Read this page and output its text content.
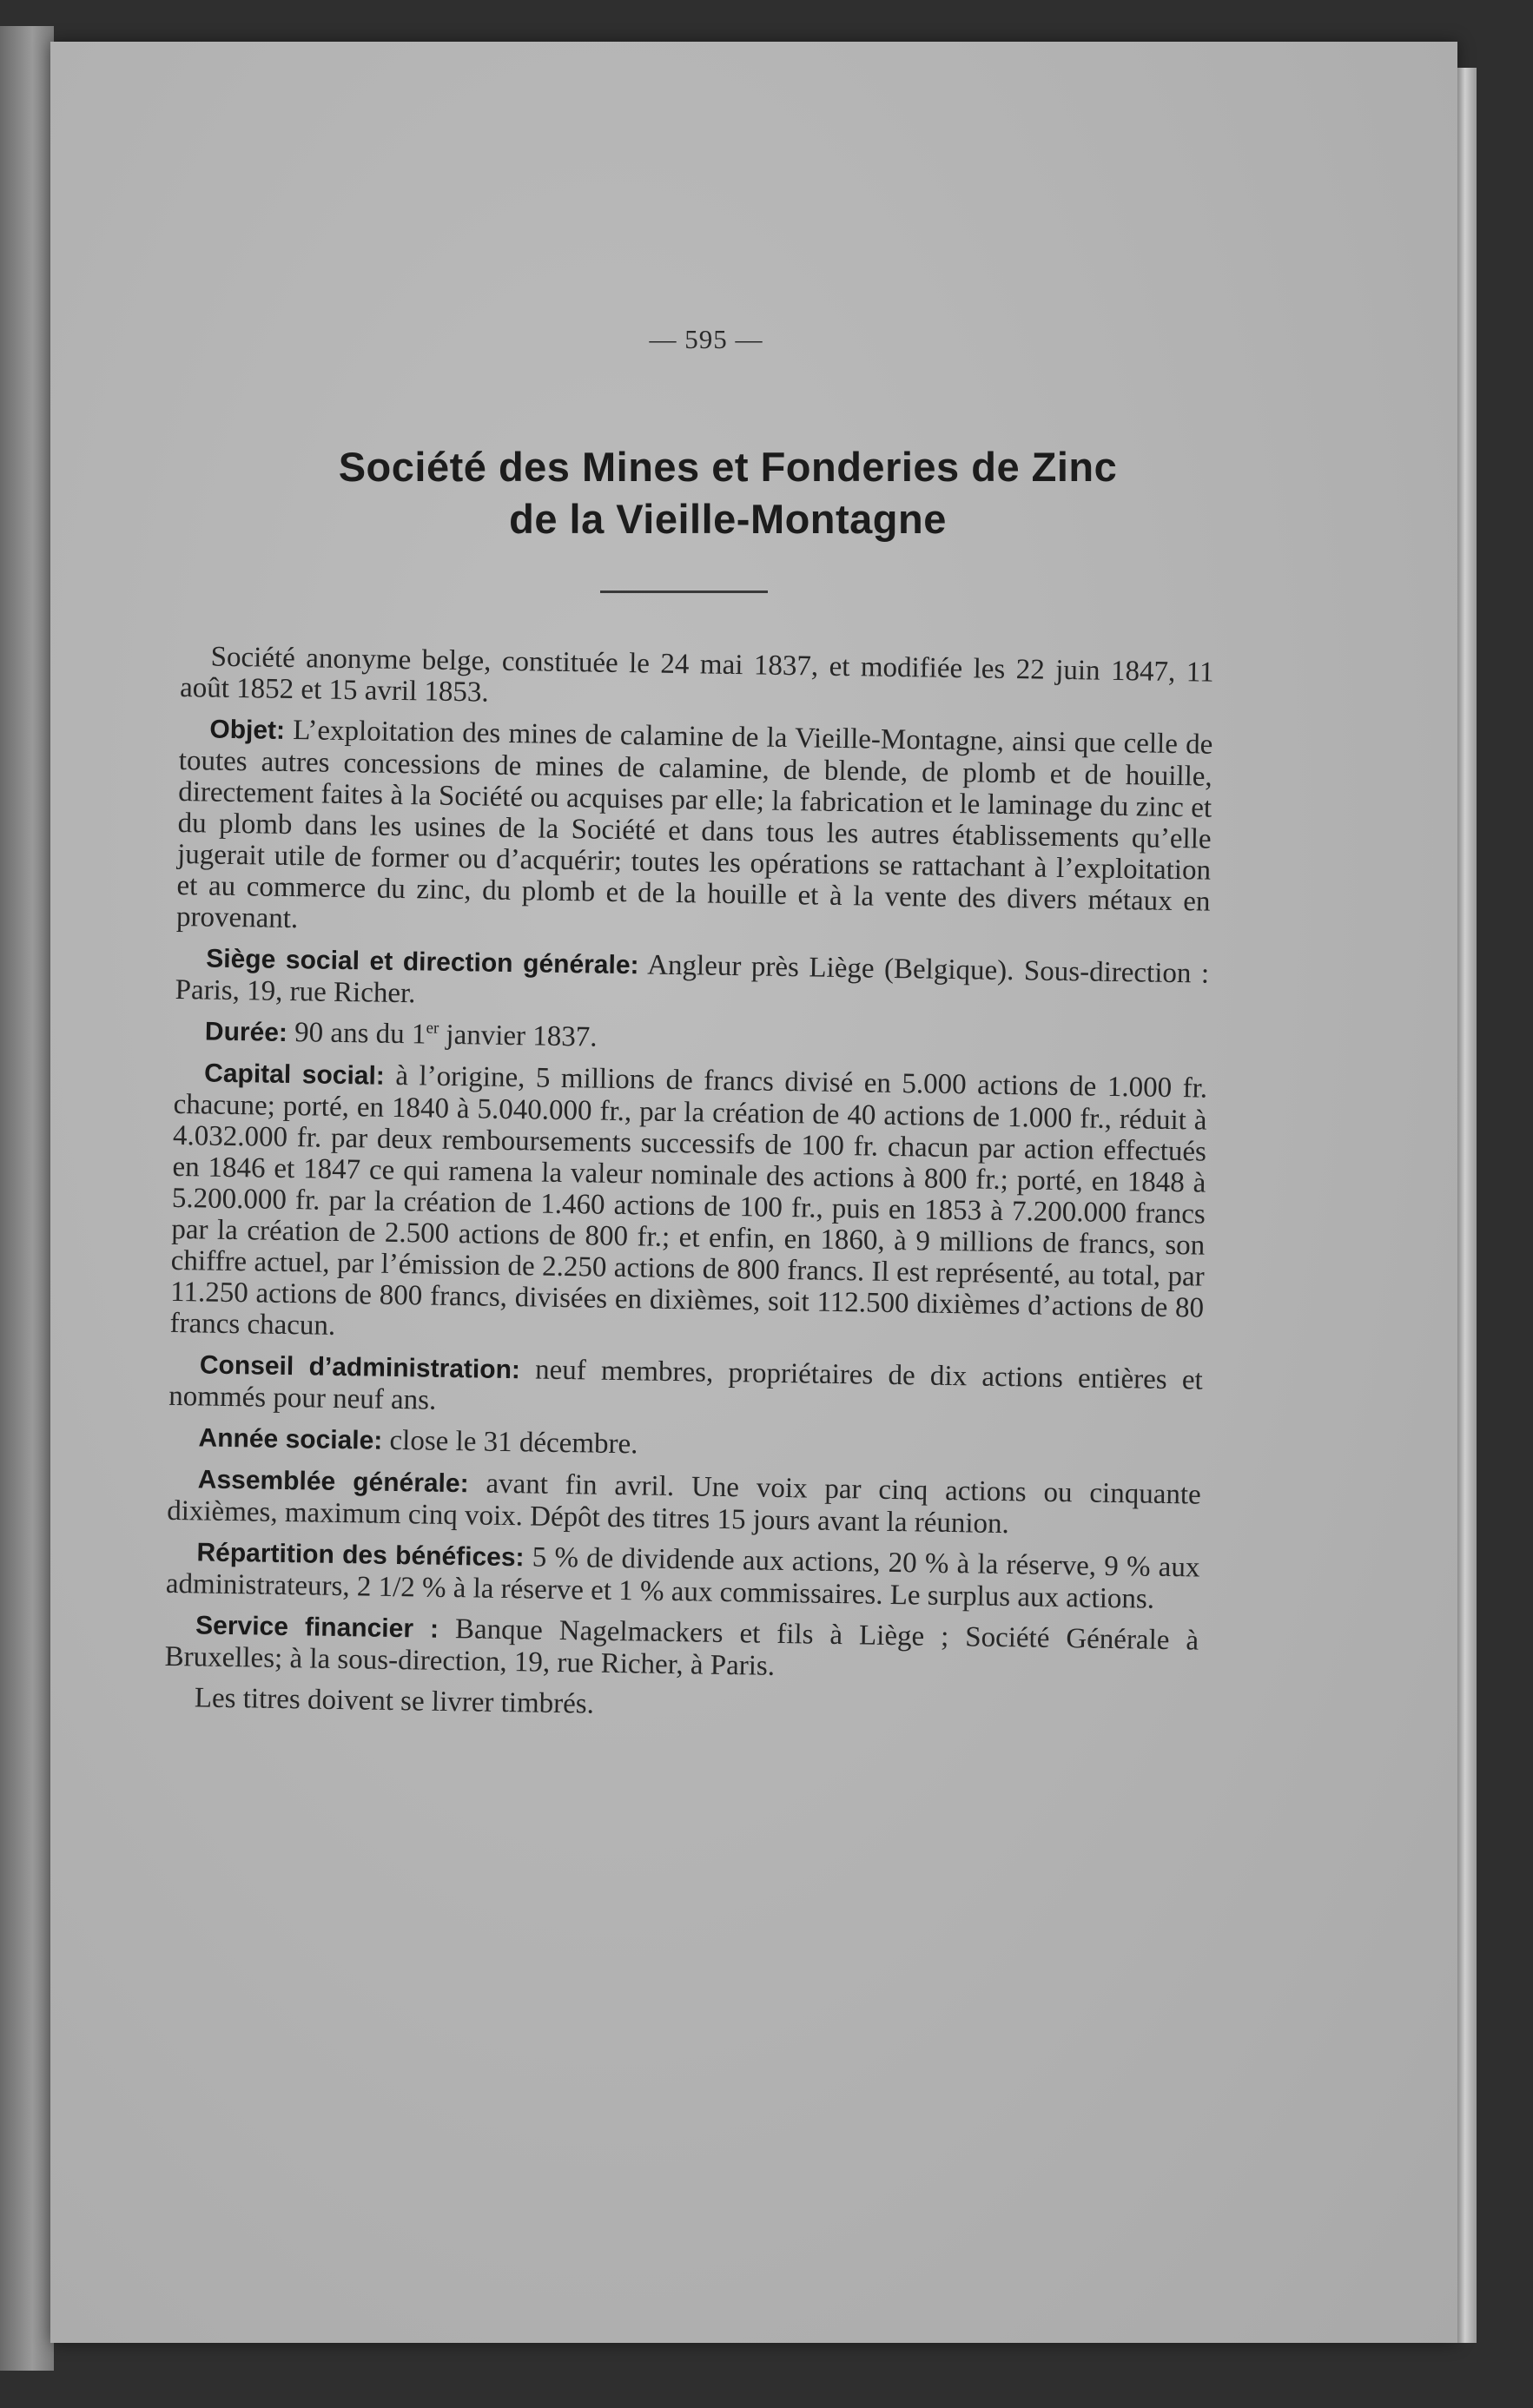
— 595 —
Société des Mines et Fonderies de Zinc
de la Vieille-Montagne

Société anonyme belge, constituée le 24 mai 1837, et modifiée les 22 juin 1847, 11 août 1852 et 15 avril 1853.

Objet: L’exploitation des mines de calamine de la Vieille-Montagne, ainsi que celle de toutes autres concessions de mines de calamine, de blende, de plomb et de houille, directement faites à la Société ou acquises par elle; la fabrication et le laminage du zinc et du plomb dans les usines de la Société et dans tous les autres établissements qu’elle jugerait utile de former ou d’acquérir; toutes les opérations se rattachant à l’exploitation et au commerce du zinc, du plomb et de la houille et à la vente des divers métaux en provenant.

Siège social et direction générale: Angleur près Liège (Belgique). Sous-direction : Paris, 19, rue Richer.

Durée: 90 ans du 1er janvier 1837.

Capital social: à l’origine, 5 millions de francs divisé en 5.000 actions de 1.000 fr. chacune; porté, en 1840 à 5.040.000 fr., par la création de 40 actions de 1.000 fr., réduit à 4.032.000 fr. par deux remboursements successifs de 100 fr. chacun par action effectués en 1846 et 1847 ce qui ramena la valeur nominale des actions à 800 fr.; porté, en 1848 à 5.200.000 fr. par la création de 1.460 actions de 100 fr., puis en 1853 à 7.200.000 francs par la création de 2.500 actions de 800 fr.; et enfin, en 1860, à 9 millions de francs, son chiffre actuel, par l’émission de 2.250 actions de 800 francs. Il est représenté, au total, par 11.250 actions de 800 francs, divisées en dixièmes, soit 112.500 dixièmes d’actions de 80 francs chacun.

Conseil d’administration: neuf membres, propriétaires de dix actions entières et nommés pour neuf ans.

Année sociale: close le 31 décembre.

Assemblée générale: avant fin avril. Une voix par cinq actions ou cinquante dixièmes, maximum cinq voix. Dépôt des titres 15 jours avant la réunion.

Répartition des bénéfices: 5 % de dividende aux actions, 20 % à la réserve, 9 % aux administrateurs, 2 1/2 % à la réserve et 1 % aux commissaires. Le surplus aux actions.

Service financier : Banque Nagelmackers et fils à Liège ; Société Générale à Bruxelles; à la sous-direction, 19, rue Richer, à Paris.

Les titres doivent se livrer timbrés.
